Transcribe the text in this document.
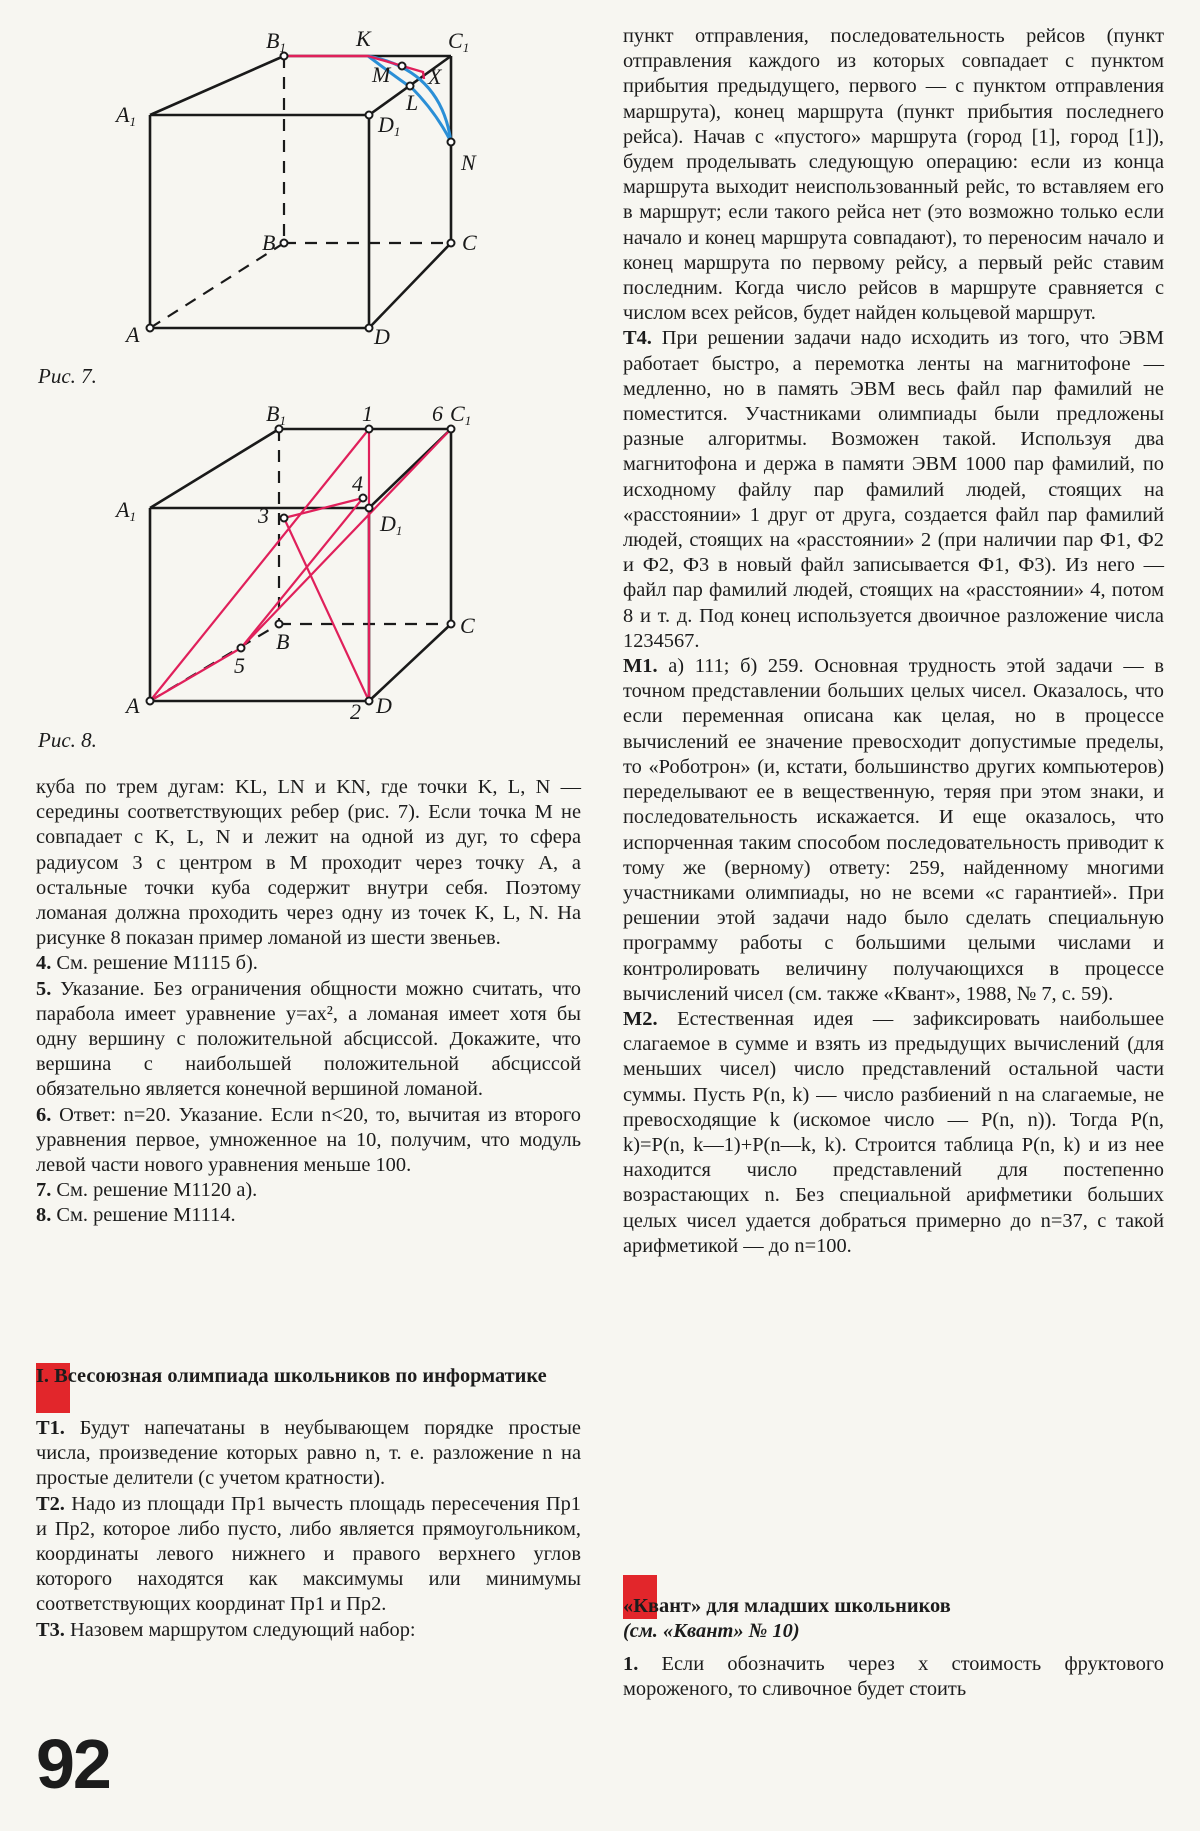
B1	K	C1
M X
L
A1	D1
N
B	C
A	D
Рис. 7.
B1	1	6 C1
A1	3
4
D1
B
C
5
A	2 D
Рис. 8.

куба по трем дугам: KL, LN и KN, где точки K, L, N — середины соответствующих ребер (рис. 7). Если точка M не совпадает с K, L, N и лежит на одной из дуг, то сфера радиусом 3 с центром в M проходит через точку A, а остальные точки куба содержит внутри себя. Поэтому ломаная должна проходить через одну из точек K, L, N. На рисунке 8 показан пример ломаной из шести звеньев.

4. См. решение М1115 б).

5. Указание. Без ограничения общности можно считать, что парабола имеет уравнение y=ax², а ломаная имеет хотя бы одну вершину с положительной абсциссой. Докажите, что вершина с наибольшей положительной абсциссой обязательно является конечной вершиной ломаной.

6. Ответ: n=20. Указание. Если n<20, то, вычитая из второго уравнения первое, умноженное на 10, получим, что модуль левой части нового уравнения меньше 100.

7. См. решение М1120 а).

8. См. решение М1114.

I. Всесоюзная олимпиада школьников по информатике

T1. Будут напечатаны в неубывающем порядке простые числа, произведение которых равно n, т. е. разложение n на простые делители (с учетом кратности).

T2. Надо из площади Пр1 вычесть площадь пересечения Пр1 и Пр2, которое либо пусто, либо является прямоугольником, координаты левого нижнего и правого верхнего углов которого находятся как максимумы или минимумы соответствующих координат Пр1 и Пр2.

T3. Назовем маршрутом следующий набор:

пункт отправления, последовательность рейсов (пункт отправления каждого из которых совпадает с пунктом прибытия предыдущего, первого — с пунктом отправления маршрута), конец маршрута (пункт прибытия последнего рейса). Начав с «пустого» маршрута (город [1], город [1]), будем проделывать следующую операцию: если из конца маршрута выходит неиспользованный рейс, то вставляем его в маршрут; если такого рейса нет (это возможно только если начало и конец маршрута совпадают), то переносим начало и конец маршрута по первому рейсу, а первый рейс ставим последним. Когда число рейсов в маршруте сравняется с числом всех рейсов, будет найден кольцевой маршрут.

T4. При решении задачи надо исходить из того, что ЭВМ работает быстро, а перемотка ленты на магнитофоне — медленно, но в память ЭВМ весь файл пар фамилий не поместится. Участниками олимпиады были предложены разные алгоритмы. Возможен такой. Используя два магнитофона и держа в памяти ЭВМ 1000 пар фамилий, по исходному файлу пар фамилий людей, стоящих на «расстоянии» 1 друг от друга, создается файл пар фамилий людей, стоящих на «расстоянии» 2 (при наличии пар Ф1, Ф2 и Ф2, Ф3 в новый файл записывается Ф1, Ф3). Из него — файл пар фамилий людей, стоящих на «расстоянии» 4, потом 8 и т. д. Под конец используется двоичное разложение числа 1234567.

M1. а) 111; б) 259. Основная трудность этой задачи — в точном представлении больших целых чисел. Оказалось, что если переменная описана как целая, но в процессе вычислений ее значение превосходит допустимые пределы, то «Роботрон» (и, кстати, большинство других компьютеров) переделывают ее в вещественную, теряя при этом знаки, и последовательность искажается. И еще оказалось, что испорченная таким способом последовательность приводит к тому же (верному) ответу: 259, найденному многими участниками олимпиады, но не всеми «с гарантией». При решении этой задачи надо было сделать специальную программу работы с большими целыми числами и контролировать величину получающихся в процессе вычислений чисел (см. также «Квант», 1988, № 7, с. 59).

M2. Естественная идея — зафиксировать наибольшее слагаемое в сумме и взять из предыдущих вычислений (для меньших чисел) число представлений остальной части суммы. Пусть P(n, k) — число разбиений n на слагаемые, не превосходящие k (искомое число — P(n, n)). Тогда P(n, k)=P(n, k—1)+P(n—k, k). Строится таблица P(n, k) и из нее находится число представлений для постепенно возрастающих n. Без специальной арифметики больших целых чисел удается добраться примерно до n=37, с такой арифметикой — до n=100.

«Квант» для младших школьников
(см. «Квант» № 10)

1. Если обозначить через x стоимость фруктового мороженого, то сливочное будет стоить

92
